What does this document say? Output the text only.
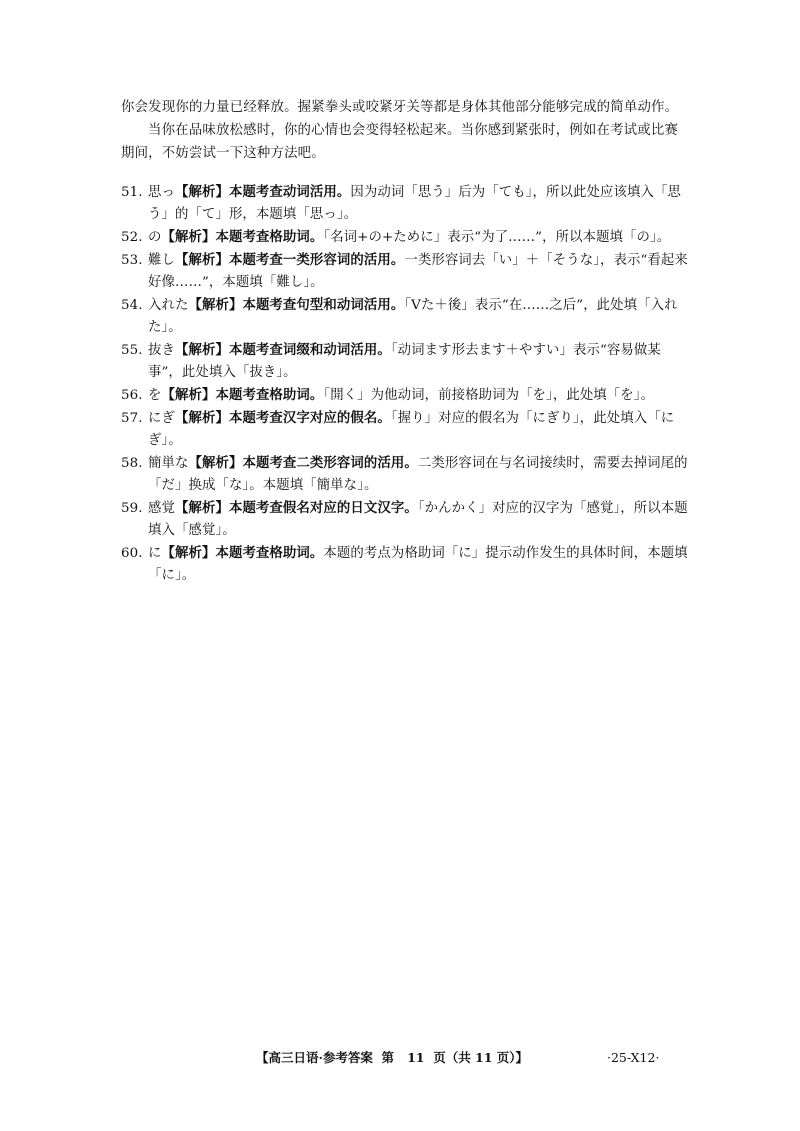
你会发现你的力量已经释放。握紧拳头或咬紧牙关等都是身体其他部分能够完成的简单动作。

当你在品味放松感时，你的心情也会变得轻松起来。当你感到紧张时，例如在考试或比赛期间，不妨尝试一下这种方法吧。

51. 思っ【解析】本题考查动词活用。因为动词「思う」后为「ても」，所以此处应该填入「思う」的「て」形，本题填「思っ」。
52. の【解析】本题考查格助词。「名词+の+ために」表示“为了……”，所以本题填「の」。
53. 難し【解析】本题考查一类形容词的活用。一类形容词去「い」＋「そうな」，表示“看起来好像……”，本题填「難し」。
54. 入れた【解析】本题考查句型和动词活用。「Vた＋後」表示“在……之后”，此处填「入れた」。
55. 抜き【解析】本题考查词缀和动词活用。「动词ます形去ます＋やすい」表示“容易做某事”，此处填入「抜き」。
56. を【解析】本题考查格助词。「開く」为他动词，前接格助词为「を」，此处填「を」。
57. にぎ【解析】本题考查汉字对应的假名。「握り」对应的假名为「にぎり」，此处填入「にぎ」。
58. 簡単な【解析】本题考查二类形容词的活用。二类形容词在与名词接续时，需要去掉词尾的「だ」换成「な」。本题填「簡単な」。
59. 感覚【解析】本题考查假名对应的日文汉字。「かんかく」对应的汉字为「感覚」，所以本题填入「感覚」。
60. に【解析】本题考查格助词。本题的考点为格助词「に」提示动作发生的具体时间，本题填「に」。
【高三日语·参考答案  第   11  页（共 11 页）】	·25-X12·
